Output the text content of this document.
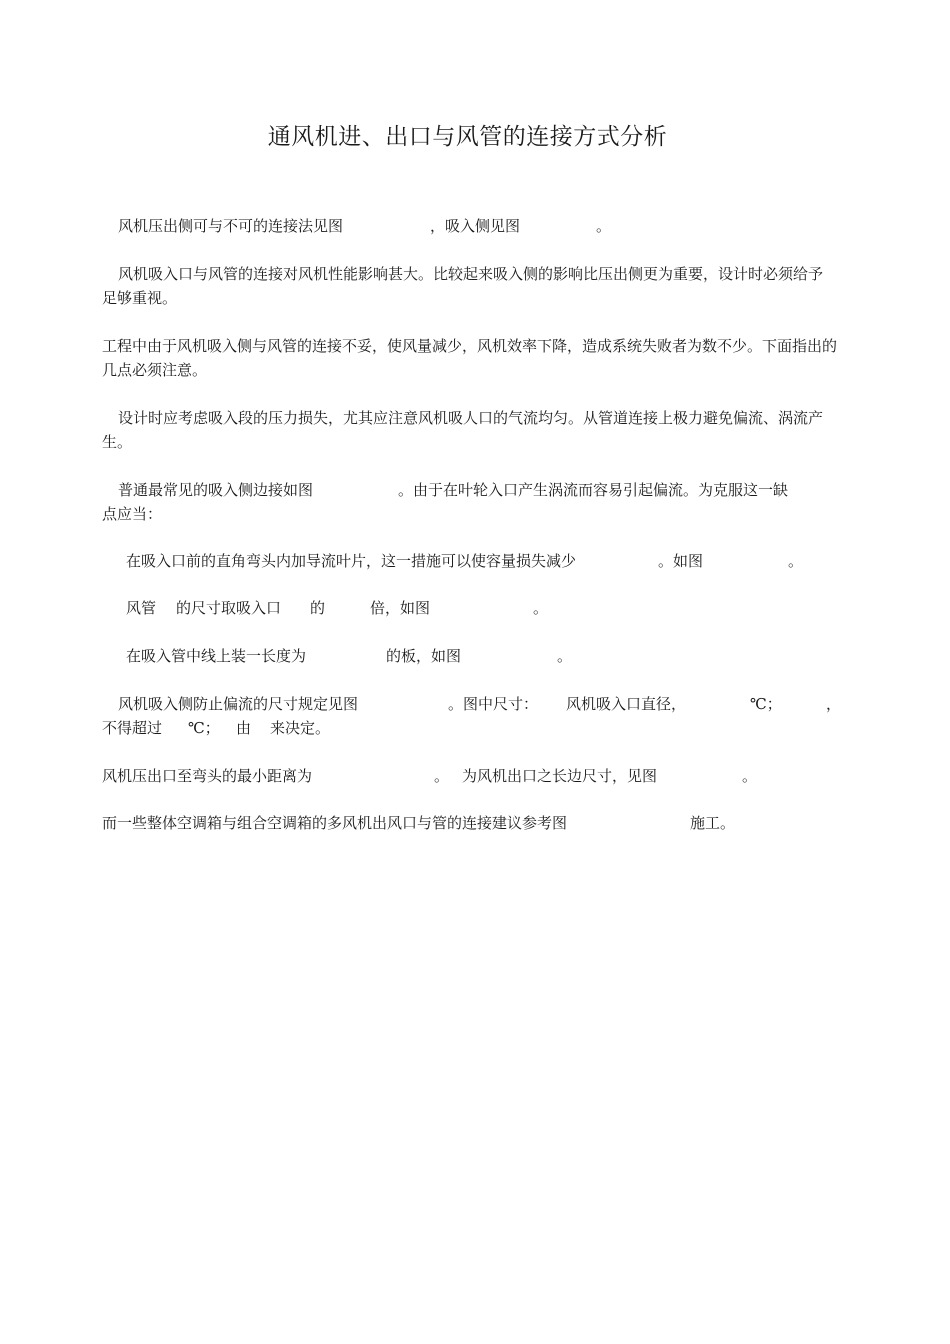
通风机进、出口与风管的连接方式分析
风机压出侧可与不可的连接法见图	，吸入侧见图	。
风机吸入口与风管的连接对风机性能影响甚大。比较起来吸入侧的影响比压出侧更为重要，设计时必须给予足够重视。
工程中由于风机吸入侧与风管的连接不妥，使风量减少，风机效率下降，造成系统失败者为数不少。下面指出的几点必须注意。
设计时应考虑吸入段的压力损失，尤其应注意风机吸人口的气流均匀。从管道连接上极力避免偏流、涡流产生。
普通最常见的吸入侧边接如图	。由于在叶轮入口产生涡流而容易引起偏流。为克服这一缺
点应当：
在吸入口前的直角弯头内加导流叶片，这一措施可以使容量损失减少	。如图	。
风管 的尺寸取吸入口 的	倍，如图	。
在吸入管中线上装一长度为	的板，如图	。
风机吸入侧防止偏流的尺寸规定见图	。图中尺寸： 风机吸入口直径，	℃；	，
不得超过 ℃； 由 来决定。
风机压出口至弯头的最小距离为	。 为风机出口之长边尺寸，见图	。
而一些整体空调箱与组合空调箱的多风机出风口与管的连接建议参考图	施工。
